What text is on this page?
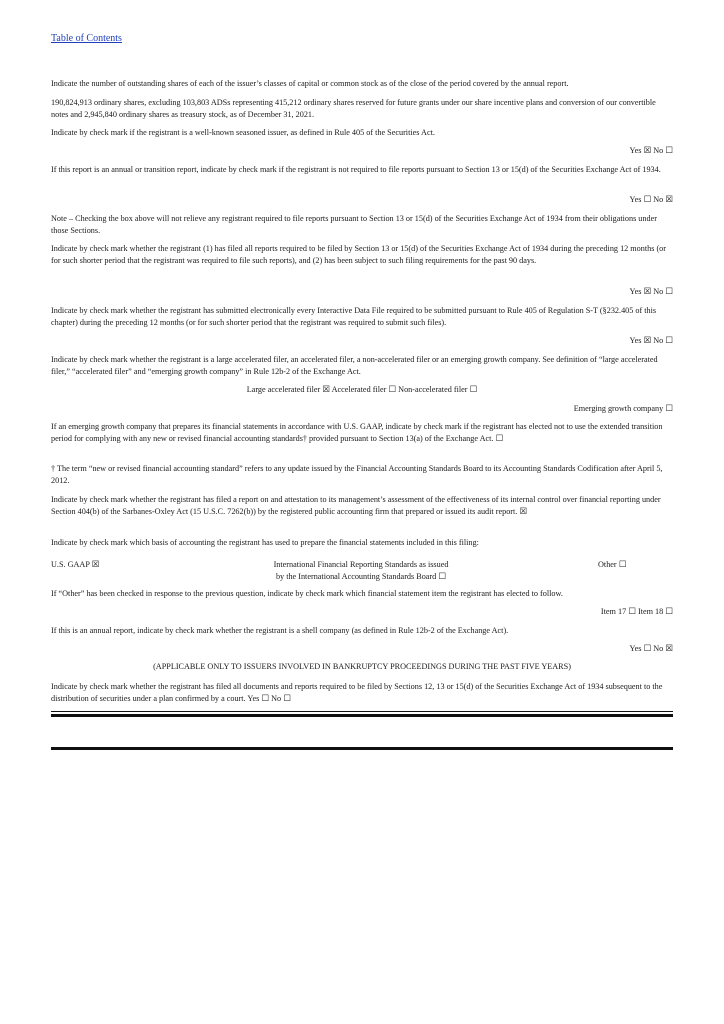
Table of Contents

Indicate the number of outstanding shares of each of the issuer’s classes of capital or common stock as of the close of the period covered by the annual report.

190,824,913 ordinary shares, excluding 103,803 ADSs representing 415,212 ordinary shares reserved for future grants under our share incentive plans and conversion of our convertible notes and 2,945,840 ordinary shares as treasury stock, as of December 31, 2021.

Indicate by check mark if the registrant is a well-known seasoned issuer, as defined in Rule 405 of the Securities Act.

Yes ☒ No ☐

If this report is an annual or transition report, indicate by check mark if the registrant is not required to file reports pursuant to Section 13 or 15(d) of the Securities Exchange Act of 1934.

Yes ☐ No ☒

Note – Checking the box above will not relieve any registrant required to file reports pursuant to Section 13 or 15(d) of the Securities Exchange Act of 1934 from their obligations under those Sections.

Indicate by check mark whether the registrant (1) has filed all reports required to be filed by Section 13 or 15(d) of the Securities Exchange Act of 1934 during the preceding 12 months (or for such shorter period that the registrant was required to file such reports), and (2) has been subject to such filing requirements for the past 90 days.

Yes ☒ No ☐

Indicate by check mark whether the registrant has submitted electronically every Interactive Data File required to be submitted pursuant to Rule 405 of Regulation S-T (§232.405 of this chapter) during the preceding 12 months (or for such shorter period that the registrant was required to submit such files).

Yes ☒ No ☐

Indicate by check mark whether the registrant is a large accelerated filer, an accelerated filer, a non-accelerated filer or an emerging growth company. See definition of “large accelerated filer,” “accelerated filer” and “emerging growth company” in Rule 12b-2 of the Exchange Act.

Large accelerated filer ☒ Accelerated filer ☐ Non-accelerated filer ☐
Emerging growth company ☐

If an emerging growth company that prepares its financial statements in accordance with U.S. GAAP, indicate by check mark if the registrant has elected not to use the extended transition period for complying with any new or revised financial accounting standards† provided pursuant to Section 13(a) of the Exchange Act. ☐

† The term “new or revised financial accounting standard” refers to any update issued by the Financial Accounting Standards Board to its Accounting Standards Codification after April 5, 2012.

Indicate by check mark whether the registrant has filed a report on and attestation to its management’s assessment of the effectiveness of its internal control over financial reporting under Section 404(b) of the Sarbanes-Oxley Act (15 U.S.C. 7262(b)) by the registered public accounting firm that prepared or issued its audit report. ☒

Indicate by check mark which basis of accounting the registrant has used to prepare the financial statements included in this filing:

U.S. GAAP ☒	International Financial Reporting Standards as issued
by the International Accounting Standards Board ☐
Other ☐

If “Other” has been checked in response to the previous question, indicate by check mark which financial statement item the registrant has elected to follow.

Item 17 ☐ Item 18 ☐

If this is an annual report, indicate by check mark whether the registrant is a shell company (as defined in Rule 12b-2 of the Exchange Act).

Yes ☐ No ☒
(APPLICABLE ONLY TO ISSUERS INVOLVED IN BANKRUPTCY PROCEEDINGS DURING THE PAST FIVE YEARS)

Indicate by check mark whether the registrant has filed all documents and reports required to be filed by Sections 12, 13 or 15(d) of the Securities Exchange Act of 1934 subsequent to the distribution of securities under a plan confirmed by a court. Yes ☐ No ☐
